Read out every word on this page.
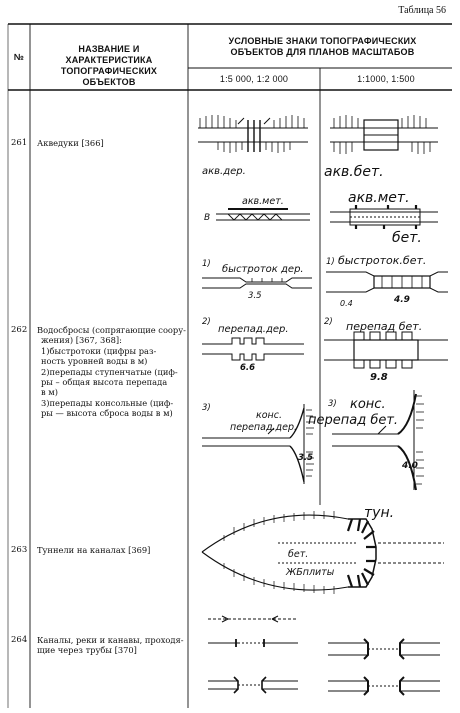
Таблица 56
№
НАЗВАНИЕ И ХАРАКТЕРИСТИКА ТОПОГРАФИЧЕСКИХ ОБЪЕКТОВ
УСЛОВНЫЕ ЗНАКИ ТОПОГРАФИЧЕСКИХ ОБЪЕКТОВ ДЛЯ ПЛАНОВ МАСШТАБОВ
1:5 000, 1:2 000	1:1000, 1:500
261 Акведуки [366]
акв.дер.	акв.бет.
акв.мет.
В
акв.мет.
бет.
262 Водосбросы (сопрягающие соору-
жения) [367, 368]:
1)быстротоки (цифры раз-
ность уровней воды в м)
2)перепады ступенчатые (циф-
ры – общая высота перепада
в м)
3)перепады консольные (циф-
ры — высота сброса воды в м)
1) быстроток дер.
3.5
1) быстроток.бет.
4.9
0.4
2)
перепад.дер.
6.6
2) перепад бет.
9.8
3)
конс.
перепад.дер.
3.5
3) конс.
перепад бет.
4.0
263 Туннели на каналах [369]
тун.
бет.
ЖБплиты
264 Каналы, реки и канавы, проходя-
щие через трубы [370]
